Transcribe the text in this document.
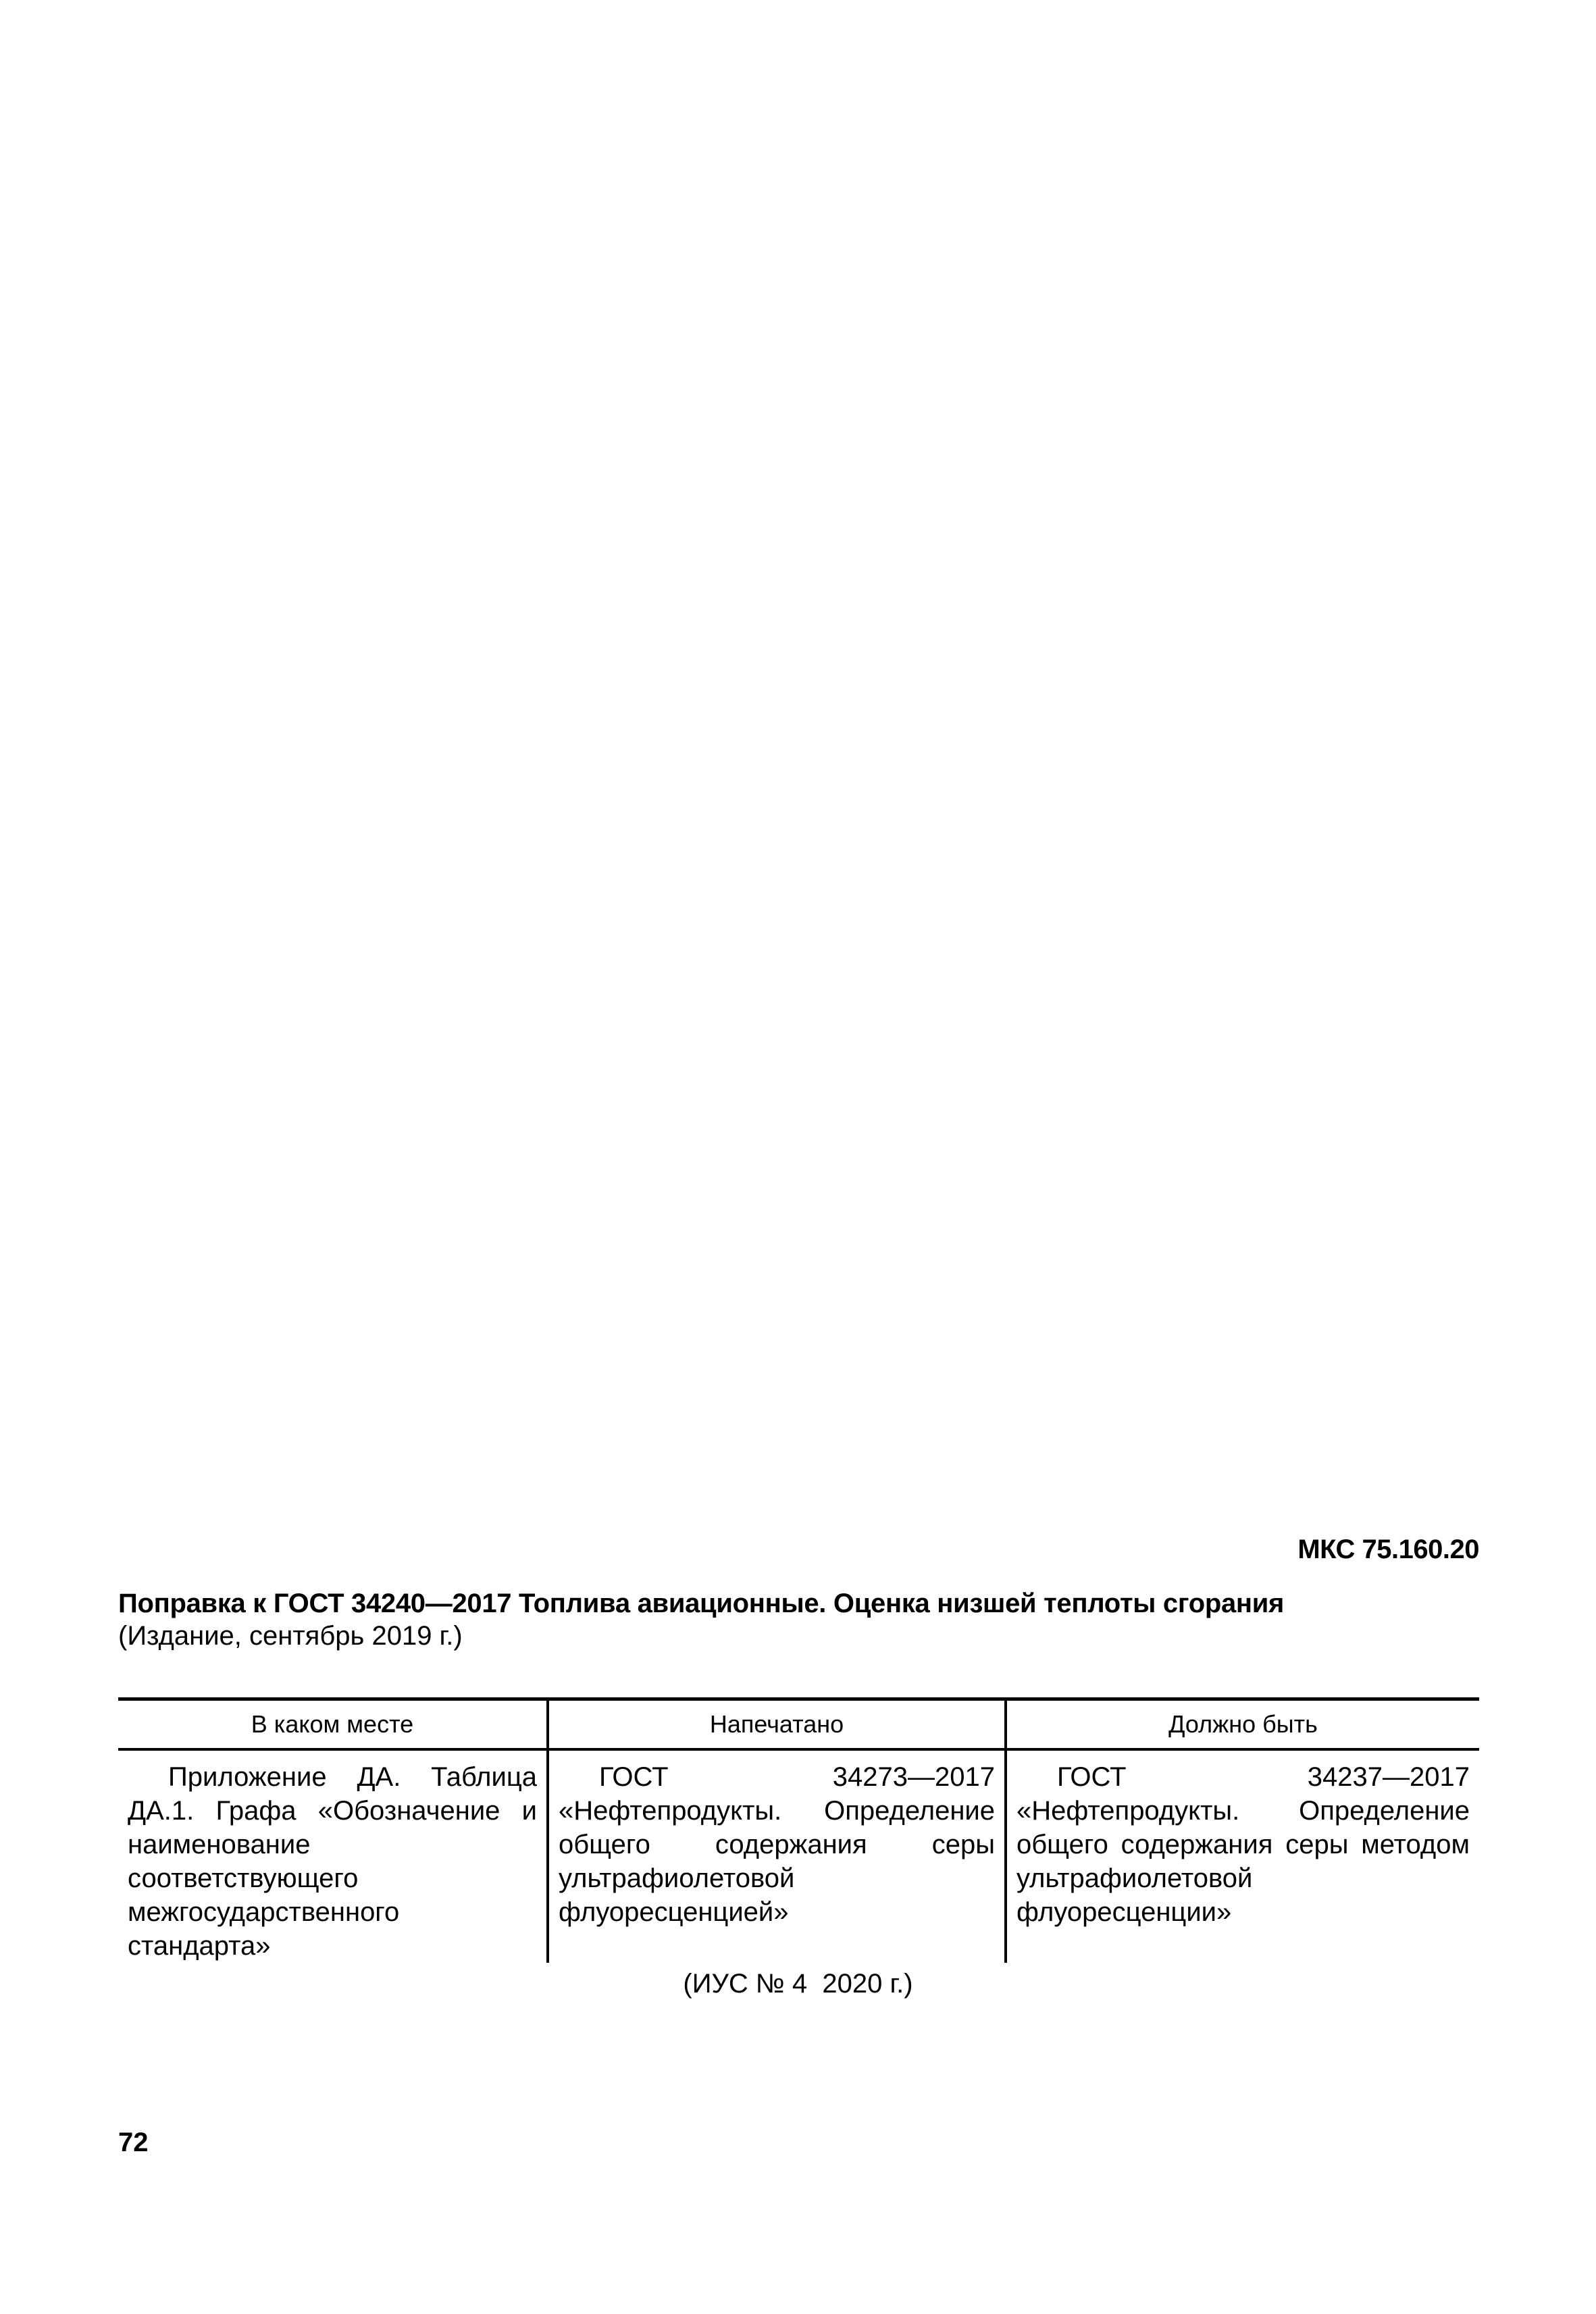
МКС 75.160.20
Поправка к ГОСТ 34240—2017 Топлива авиационные. Оценка низшей теплоты сгорания
(Издание, сентябрь 2019 г.)
В каком месте	Напечатано	Должно быть
Приложение ДА. Таблица ДА.1. Графа «Обозначение и наименование соответствующего межгосударственного стандарта»	ГОСТ 34273—2017 «Нефтепродукты. Определение общего содержания серы ультрафиолетовой флуоресценцией»	ГОСТ 34237—2017 «Нефтепродукты. Определение общего содержания серы методом ультрафиолетовой флуоресценции»
(ИУС № 4  2020 г.)
72
